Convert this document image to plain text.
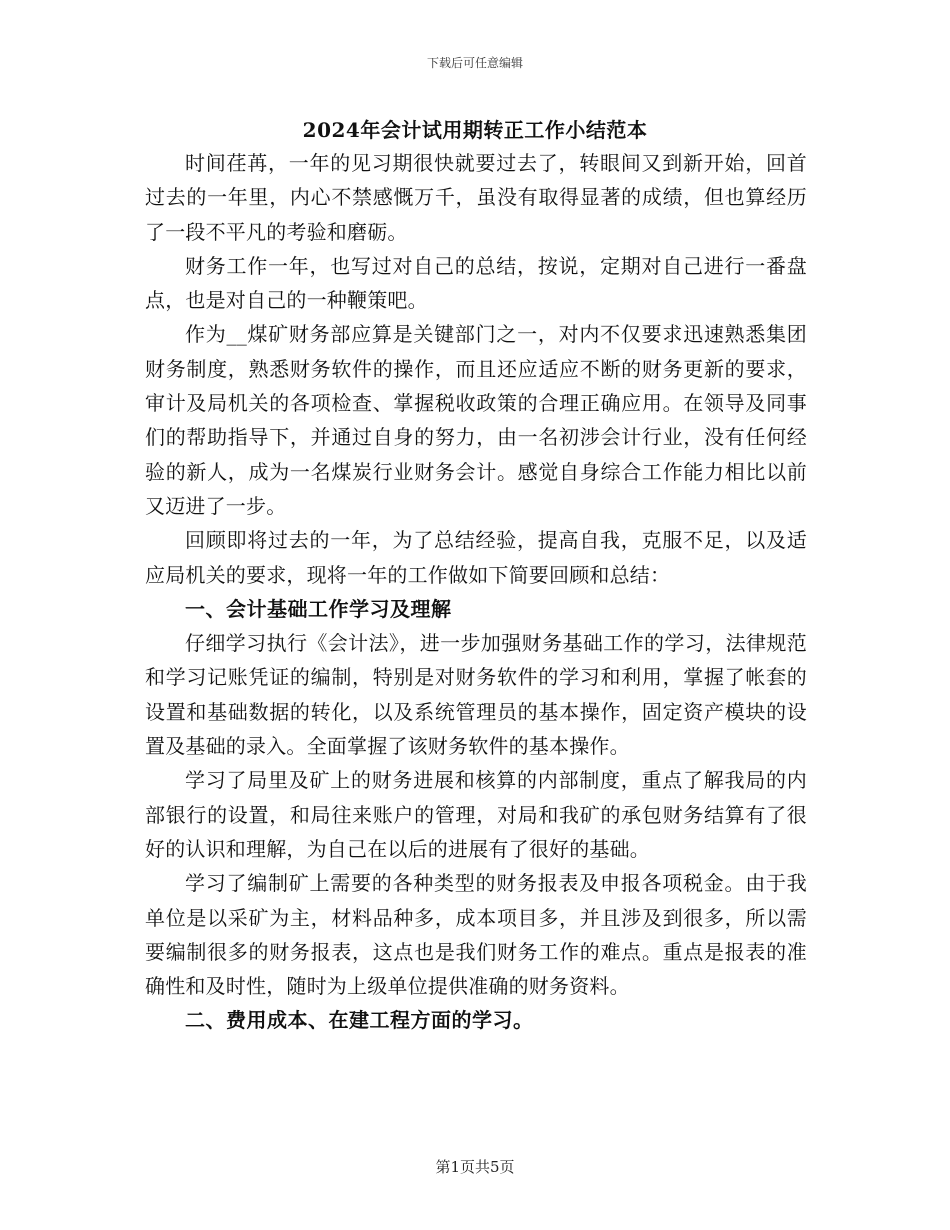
下载后可任意编辑
2024年会计试用期转正工作小结范本

时间荏苒，一年的见习期很快就要过去了，转眼间又到新开始，回首过去的一年里，内心不禁感慨万千，虽没有取得显著的成绩，但也算经历了一段不平凡的考验和磨砺。

财务工作一年，也写过对自己的总结，按说，定期对自己进行一番盘点，也是对自己的一种鞭策吧。

作为__煤矿财务部应算是关键部门之一，对内不仅要求迅速熟悉集团财务制度，熟悉财务软件的操作，而且还应适应不断的财务更新的要求，审计及局机关的各项检查、掌握税收政策的合理正确应用。在领导及同事们的帮助指导下，并通过自身的努力，由一名初涉会计行业，没有任何经验的新人，成为一名煤炭行业财务会计。感觉自身综合工作能力相比以前又迈进了一步。

回顾即将过去的一年，为了总结经验，提高自我，克服不足，以及适应局机关的要求，现将一年的工作做如下简要回顾和总结：

一、会计基础工作学习及理解

仔细学习执行《会计法》，进一步加强财务基础工作的学习，法律规范和学习记账凭证的编制，特别是对财务软件的学习和利用，掌握了帐套的设置和基础数据的转化，以及系统管理员的基本操作，固定资产模块的设置及基础的录入。全面掌握了该财务软件的基本操作。

学习了局里及矿上的财务进展和核算的内部制度，重点了解我局的内部银行的设置，和局往来账户的管理，对局和我矿的承包财务结算有了很好的认识和理解，为自己在以后的进展有了很好的基础。

学习了编制矿上需要的各种类型的财务报表及申报各项税金。由于我单位是以采矿为主，材料品种多，成本项目多，并且涉及到很多，所以需要编制很多的财务报表，这点也是我们财务工作的难点。重点是报表的准确性和及时性，随时为上级单位提供准确的财务资料。

二、费用成本、在建工程方面的学习。

第1页共5页
